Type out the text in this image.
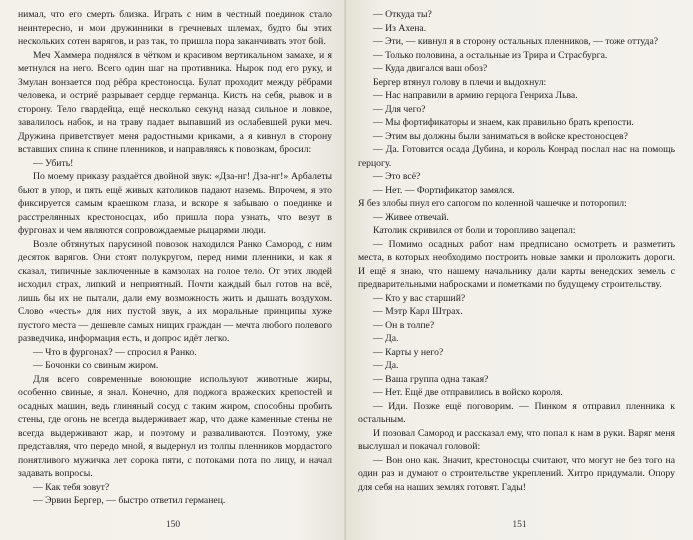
нимал, что его смерть близка. Играть с ним в честный поединок стало неинтересно, и мои дружинники в гречневых шлемах, будто бы этих нескольких сотен варягов, и раз так, то пришла пора заканчивать этот бой.

Меч Хаммера поднялся в чётком и красивом вертикальном замахе, и я метнулся на него. Всего один шаг на противника. Нырок под его руку, и Змулан вонзается под рёбра крестоносца. Булат проходит между рёбрами человека, и остриё разрывает сердце германца. Кисть на себя, рывок и в сторону. Тело гвардейца, ещё несколько секунд назад сильное и ловкое, завалилось набок, и на траву падает выпавший из ослабевшей руки меч. Дружина приветствует меня радостными криками, а я кивнул в сторону вставших спина к спине пленников, и направляясь к повозкам, бросил:

— Убить!

По моему приказу раздаётся двойной звук: «Дза-нг! Дза-нг!» Арбалеты бьют в упор, и пять ещё живых католиков падают наземь. Впрочем, я это фиксируется самым краешком глаза, и вскоре я забываю о поединке и расстрелянных крестоносцах, ибо пришла пора узнать, что везут в фургонах и чем являются сопровождаемые рыцарями люди.

Возле обтянутых парусиной повозок находился Ранко Самород, с ним десяток варягов. Они стоят полукругом, перед ними пленники, и как я сказал, типичные заключенные в камзолах на голое тело. От этих людей исходил страх, липкий и неприятный. Почти каждый был готов на всё, лишь бы их не пытали, дали ему возможность жить и дышать воздухом. Слово «честь» для них пустой звук, а их моральные принципы хуже пустого места — дешевле самых нищих граждан — мечта любого полевого разведчика, информация есть, и допрос идёт легко.

— Что в фургонах? — спросил я Ранко.

— Бочонки со свиным жиром.

Для всего современные воюющие используют животные жиры, особенно свиные, я знал. Конечно, для поджога вражеских крепостей и осадных машин, ведь глиняный сосуд с таким жиром, способны пробить стены, где огонь не всегда выдерживает жар, что даже каменные стены не всегда выдерживают жар, и поэтому и разваливаются. Поэтому, уже представляя, что передо мной, я выдернул из толпы пленников мордастого понятливого мужичка лет сорока пяти, с потоками пота по лицу, и начал задавать вопросы.

— Как тебя зовут?

— Эрвин Бергер, — быстро ответил германец.

150

— Откуда ты?

— Из Ахена.

— Эти, — кивнул я в сторону остальных пленников, — тоже оттуда?

— Только половина, а остальные из Трира и Страсбурга.

— Куда двигался ваш обоз?

Бергер втянул голову в плечи и выдохнул:

— Нас направили в армию герцога Генриха Льва.

— Для чего?

— Мы фортификаторы и знаем, как правильно брать крепости.

— Этим вы должны были заниматься в войске крестоносцев?

— Да. Готовится осада Дубина, и король Конрад послал нас на помощь герцогу.

— Это всё?

— Нет. — Фортификатор замялся.

Я без злобы пнул его сапогом по коленной чашечке и поторопил:

— Живее отвечай.

Католик скривился от боли и торопливо зацепал:

— Помимо осадных работ нам предписано осмотреть и разметить места, в которых необходимо построить новые замки и проложить дороги. И ещё я знаю, что нашему начальнику дали карты венедских земель с предварительными набросками и пометками по будущему строительству.

— Кто у вас старший?

— Мэтр Карл Штрах.

— Он в толпе?

— Да.

— Карты у него?

— Да.

— Ваша группа одна такая?

— Нет. Ещё две отправились в войско короля.

— Иди. Позже ещё поговорим. — Пинком я отправил пленника к остальным.

И позовал Самород и рассказал ему, что попал к нам в руки. Варяг меня выслушал и покачал головой:

— Вон оно как. Значит, крестоносцы считают, что могут не без того на один раз и думают о строительстве укреплений. Хитро придумали. Опору для себя на наших землях готовят. Гады!

151
